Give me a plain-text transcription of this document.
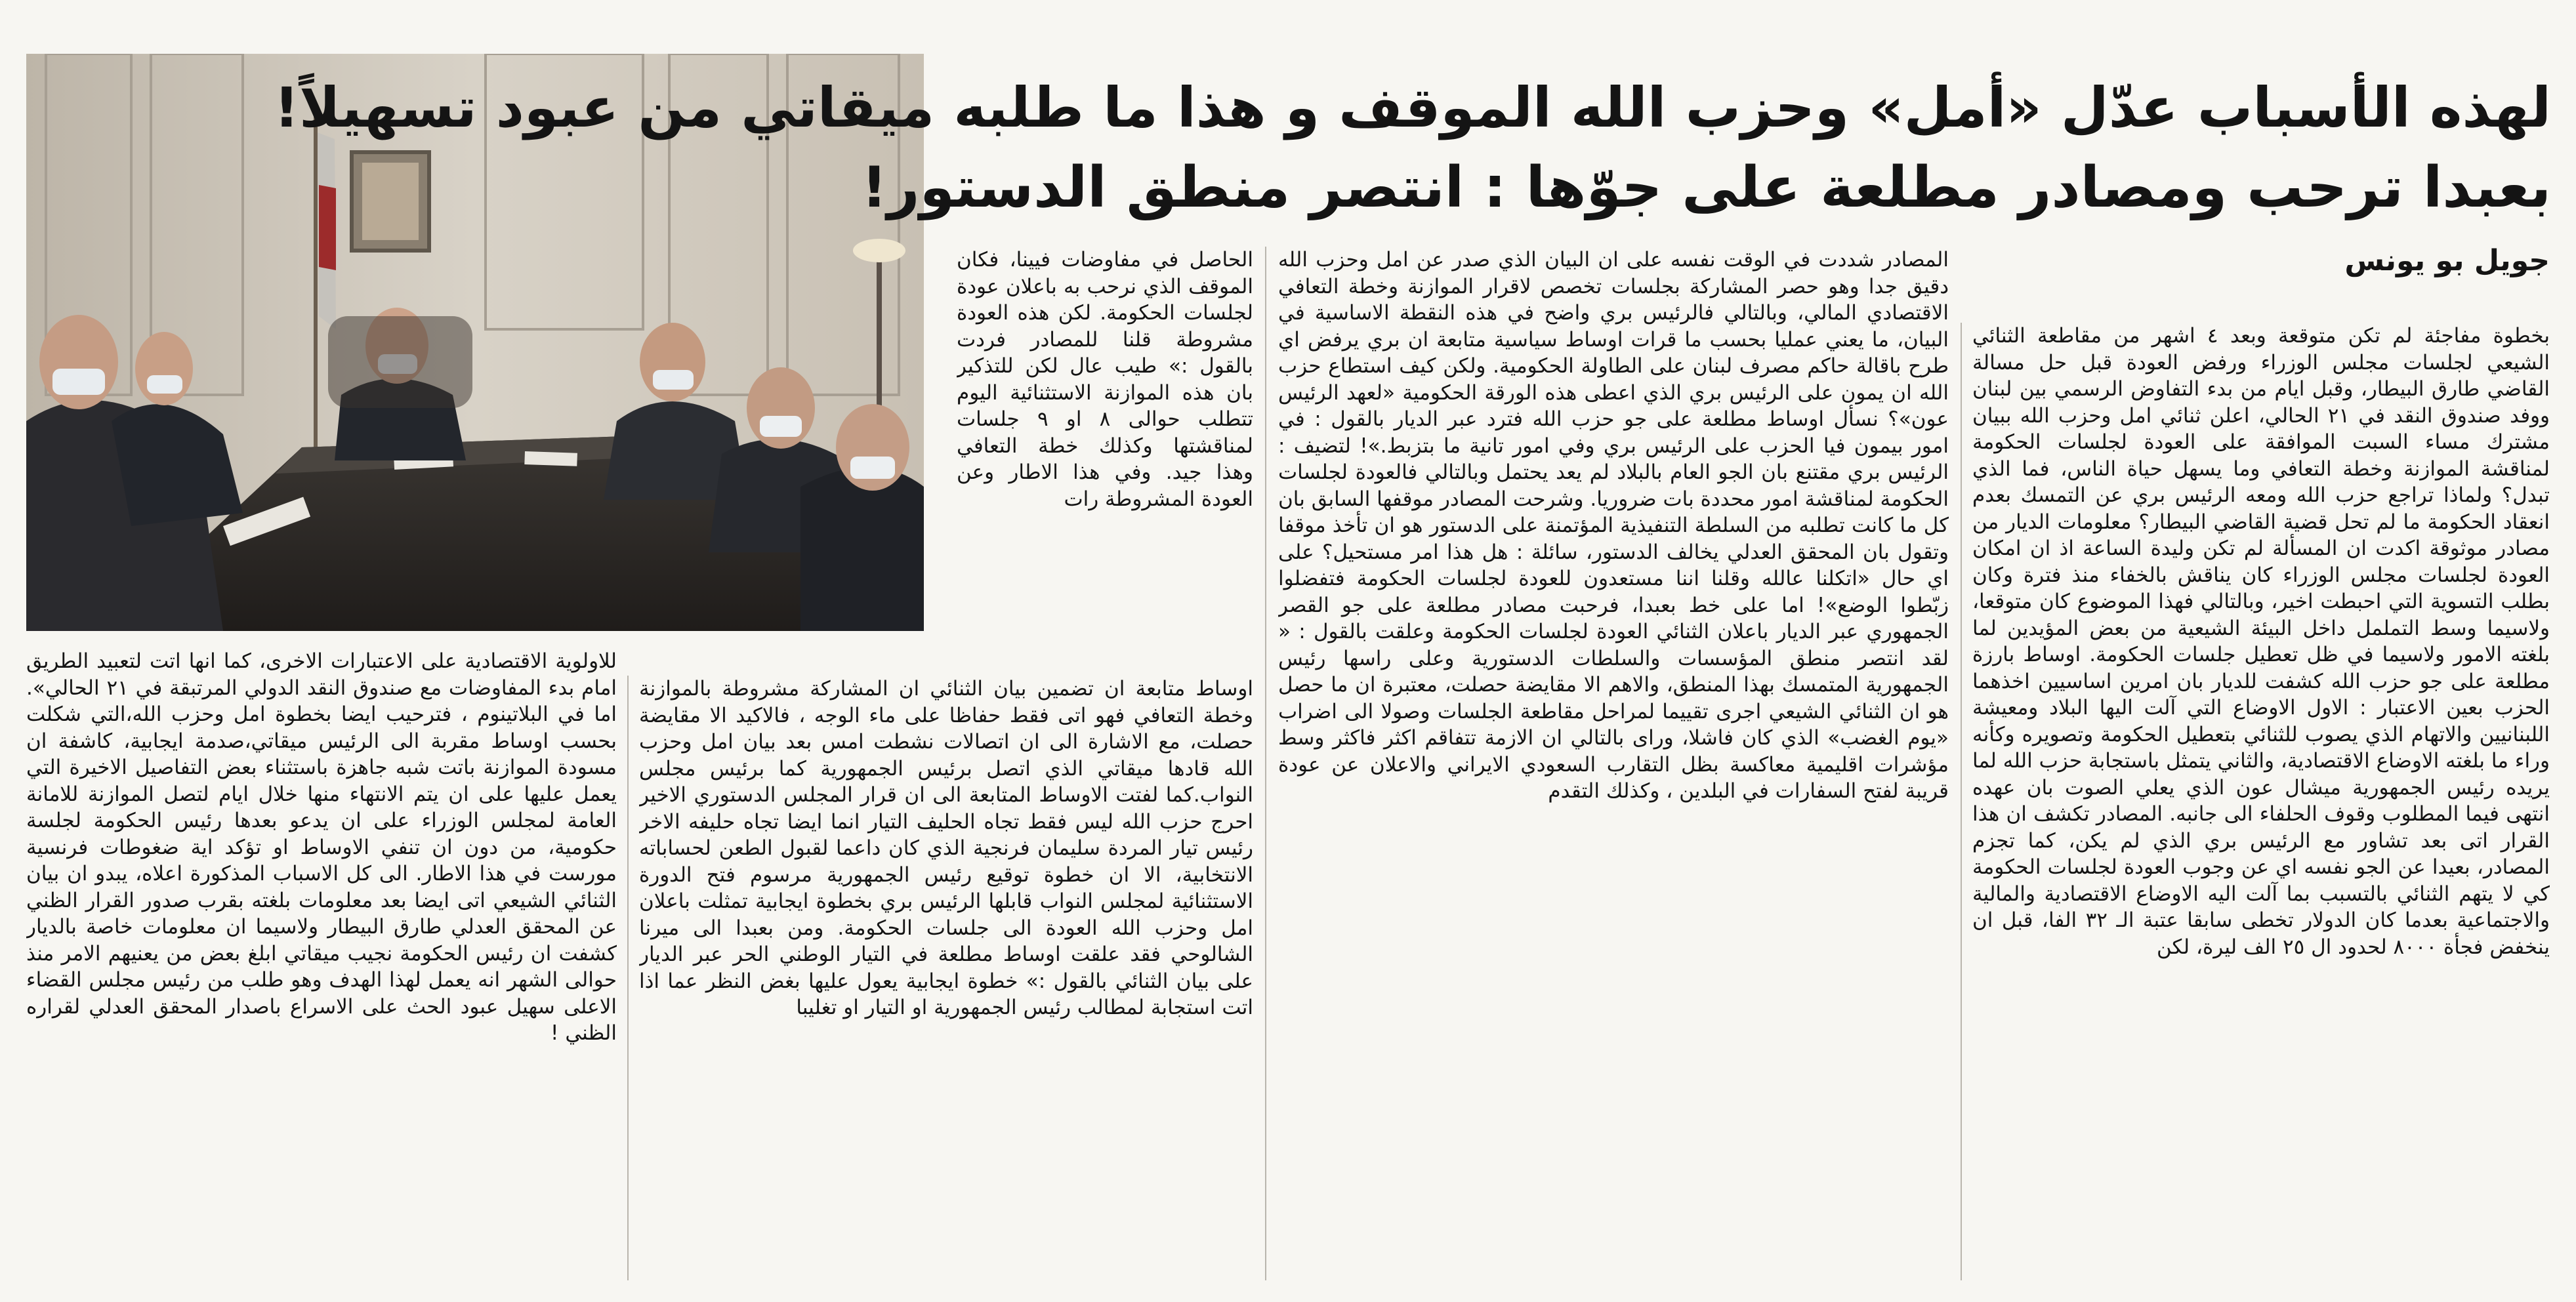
لهذه الأسباب عدّل «أمل» وحزب الله الموقف و هذا ما طلبه ميقاتي من عبود تسهيلاً!
بعبدا ترحب ومصادر مطلعة على جوّها : انتصر منطق الدستور!
جويل بو يونس

بخطوة مفاجئة لم تكن متوقعة وبعد ٤ اشهر من مقاطعة الثنائي الشيعي لجلسات مجلس الوزراء ورفض العودة قبل حل مسالة القاضي طارق البيطار، وقبل ايام من بدء التفاوض الرسمي بين لبنان ووفد صندوق النقد في ٢١ الحالي، اعلن ثنائي امل وحزب الله ببيان مشترك مساء السبت الموافقة على العودة لجلسات الحكومة لمناقشة الموازنة وخطة التعافي وما يسهل حياة الناس، فما الذي تبدل؟ ولماذا تراجع حزب الله ومعه الرئيس بري عن التمسك بعدم انعقاد الحكومة ما لم تحل قضية القاضي البيطار؟ معلومات الديار من مصادر موثوقة اكدت ان المسألة لم تكن وليدة الساعة اذ ان امكان العودة لجلسات مجلس الوزراء كان يناقش بالخفاء منذ فترة وكان بطلب التسوية التي احبطت اخير، وبالتالي فهذا الموضوع كان متوقعا، ولاسيما وسط التململ داخل البيئة الشيعية من بعض المؤيدين لما بلغته الامور ولاسيما في ظل تعطيل جلسات الحكومة. اوساط بارزة مطلعة على جو حزب الله كشفت للديار بان امرين اساسيين اخذهما الحزب بعين الاعتبار : الاول الاوضاع التي آلت اليها البلاد ومعيشة اللبنانيين والاتهام الذي يصوب للثنائي بتعطيل الحكومة وتصويره وكأنه وراء ما بلغته الاوضاع الاقتصادية، والثاني يتمثل باستجابة حزب الله لما يريده رئيس الجمهورية ميشال عون الذي يعلي الصوت بان عهده انتهى فيما المطلوب وقوف الحلفاء الى جانبه. المصادر تكشف ان هذا القرار اتى بعد تشاور مع الرئيس بري الذي لم يكن، كما تجزم المصادر، بعيدا عن الجو نفسه اي عن وجوب العودة لجلسات الحكومة كي لا يتهم الثنائي بالتسبب بما آلت اليه الاوضاع الاقتصادية والمالية والاجتماعية بعدما كان الدولار تخطى سابقا عتبة الـ ٣٢ الفا، قبل ان ينخفض فجأة ٨٠٠٠ لحدود ال ٢٥ الف ليرة، لكن

المصادر شددت في الوقت نفسه على ان البيان الذي صدر عن امل وحزب الله دقيق جدا وهو حصر المشاركة بجلسات تخصص لاقرار الموازنة وخطة التعافي الاقتصادي المالي، وبالتالي فالرئيس بري واضح في هذه النقطة الاساسية في البيان، ما يعني عمليا بحسب ما قرات اوساط سياسية متابعة ان بري يرفض اي طرح باقالة حاكم مصرف لبنان على الطاولة الحكومية. ولكن كيف استطاع حزب الله ان يمون على الرئيس بري الذي اعطى هذه الورقة الحكومية «لعهد الرئيس عون»؟ نسأل اوساط مطلعة على جو حزب الله فترد عبر الديار بالقول : في امور بيمون فيا الحزب على الرئيس بري وفي امور تانية ما بتزبط.»! لتضيف : الرئيس بري مقتنع بان الجو العام بالبلاد لم يعد يحتمل وبالتالي فالعودة لجلسات الحكومة لمناقشة امور محددة بات ضروريا. وشرحت المصادر موقفها السابق بان كل ما كانت تطلبه من السلطة التنفيذية المؤتمنة على الدستور هو ان تأخذ موقفا وتقول بان المحقق العدلي يخالف الدستور، سائلة : هل هذا امر مستحيل؟ على اي حال «اتكلنا عالله وقلنا اننا مستعدون للعودة لجلسات الحكومة فتفضلوا زبّطوا الوضع»! اما على خط بعبدا، فرحبت مصادر مطلعة على جو القصر الجمهوري عبر الديار باعلان الثنائي العودة لجلسات الحكومة وعلقت بالقول : « لقد انتصر منطق المؤسسات والسلطات الدستورية وعلى راسها رئيس الجمهورية المتمسك بهذا المنطق، والاهم الا مقايضة حصلت، معتبرة ان ما حصل هو ان الثنائي الشيعي اجرى تقييما لمراحل مقاطعة الجلسات وصولا الى اضراب «يوم الغضب» الذي كان فاشلا، وراى بالتالي ان الازمة تتفاقم اكثر فاكثر وسط مؤشرات اقليمية معاكسة بظل التقارب السعودي الايراني والاعلان عن عودة قريبة لفتح السفارات في البلدين ، وكذلك التقدم

الحاصل في مفاوضات فيينا، فكان الموقف الذي نرحب به باعلان عودة لجلسات الحكومة. لكن هذه العودة مشروطة قلنا للمصادر فردت بالقول :» طيب عال لكن للتذكير بان هذه الموازنة الاستثنائية اليوم تتطلب حوالى ٨ او ٩ جلسات لمناقشتها وكذلك خطة التعافي وهذا جيد. وفي هذا الاطار وعن العودة المشروطة رات

اوساط متابعة ان تضمين بيان الثنائي ان المشاركة مشروطة بالموازنة وخطة التعافي فهو اتى فقط حفاظا على ماء الوجه ، فالاكيد الا مقايضة حصلت، مع الاشارة الى ان اتصالات نشطت امس بعد بيان امل وحزب الله قادها ميقاتي الذي اتصل برئيس الجمهورية كما برئيس مجلس النواب.كما لفتت الاوساط المتابعة الى ان قرار المجلس الدستوري الاخير احرج حزب الله ليس فقط تجاه الحليف التيار انما ايضا تجاه حليفه الاخر رئيس تيار المردة سليمان فرنجية الذي كان داعما لقبول الطعن لحساباته الانتخابية، الا ان خطوة توقيع رئيس الجمهورية مرسوم فتح الدورة الاستثنائية لمجلس النواب قابلها الرئيس بري بخطوة ايجابية تمثلت باعلان امل وحزب الله العودة الى جلسات الحكومة. ومن بعبدا الى ميرنا الشالوحي فقد علقت اوساط مطلعة في التيار الوطني الحر عبر الديار على بيان الثنائي بالقول :» خطوة ايجابية يعول عليها بغض النظر عما اذا اتت استجابة لمطالب رئيس الجمهورية او التيار او تغليبا

للاولوية الاقتصادية على الاعتبارات الاخرى، كما انها اتت لتعبيد الطريق امام بدء المفاوضات مع صندوق النقد الدولي المرتبقة في ٢١ الحالي». اما في البلاتينوم ، فترحيب ايضا بخطوة امل وحزب الله،التي شكلت بحسب اوساط مقربة الى الرئيس ميقاتي،صدمة ايجابية، كاشفة ان مسودة الموازنة باتت شبه جاهزة باستثناء بعض التفاصيل الاخيرة التي يعمل عليها على ان يتم الانتهاء منها خلال ايام لتصل الموازنة للامانة العامة لمجلس الوزراء على ان يدعو بعدها رئيس الحكومة لجلسة حكومية، من دون ان تنفي الاوساط او تؤكد اية ضغوطات فرنسية مورست في هذا الاطار. الى كل الاسباب المذكورة اعلاه، يبدو ان بيان الثنائي الشيعي اتى ايضا بعد معلومات بلغته بقرب صدور القرار الظني عن المحقق العدلي طارق البيطار ولاسيما ان معلومات خاصة بالديار كشفت ان رئيس الحكومة نجيب ميقاتي ابلغ بعض من يعنيهم الامر منذ حوالى الشهر انه يعمل لهذا الهدف وهو طلب من رئيس مجلس القضاء الاعلى سهيل عبود الحث على الاسراع باصدار المحقق العدلي لقراره الظني !
